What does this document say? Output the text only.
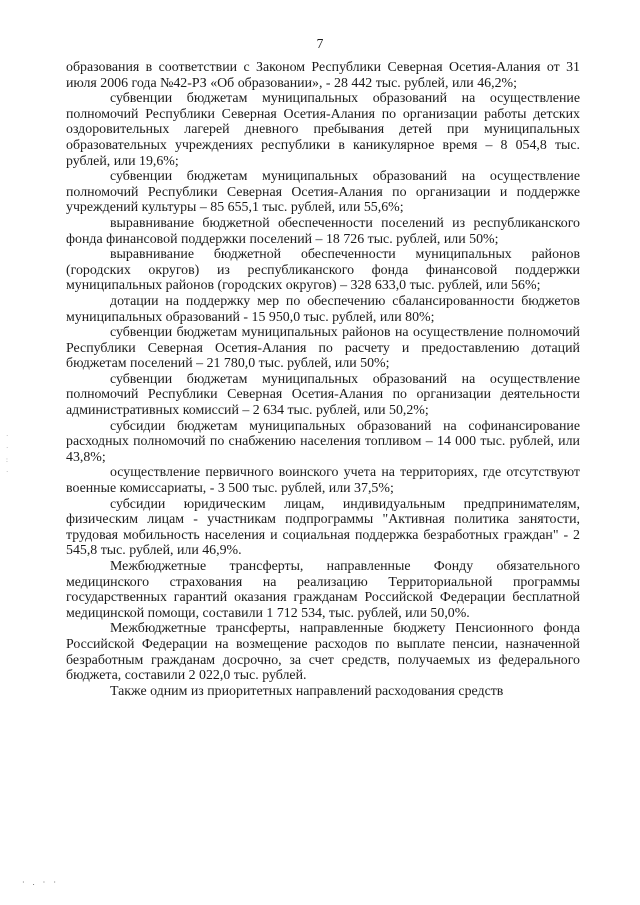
7

образования в соответствии с Законом Республики Северная Осетия-Алания от 31 июля 2006 года №42-РЗ «Об образовании», - 28 442 тыс. рублей, или 46,2%;

субвенции бюджетам муниципальных образований на осуществление полномочий Республики Северная Осетия-Алания по организации работы детских оздоровительных лагерей дневного пребывания детей при муниципальных образовательных учреждениях республики в каникулярное время – 8 054,8 тыс. рублей, или 19,6%;

субвенции бюджетам муниципальных образований на осуществление полномочий Республики Северная Осетия-Алания по организации и поддержке учреждений культуры – 85 655,1 тыс. рублей, или 55,6%;

выравнивание бюджетной обеспеченности поселений из республиканского фонда финансовой поддержки поселений – 18 726 тыс. рублей, или 50%;

выравнивание бюджетной обеспеченности муниципальных районов (городских округов) из республиканского фонда финансовой поддержки муниципальных районов (городских округов) – 328 633,0 тыс. рублей, или 56%;

дотации на поддержку мер по обеспечению сбалансированности бюджетов муниципальных образований - 15 950,0 тыс. рублей, или 80%;

субвенции бюджетам муниципальных районов на осуществление полномочий Республики Северная Осетия-Алания по расчету и предоставлению дотаций бюджетам поселений – 21 780,0 тыс. рублей, или 50%;

субвенции бюджетам муниципальных образований на осуществление полномочий Республики Северная Осетия-Алания по организации деятельности административных комиссий – 2 634 тыс. рублей, или 50,2%;

субсидии бюджетам муниципальных образований на софинансирование расходных полномочий по снабжению населения топливом – 14 000 тыс. рублей, или 43,8%;

осуществление первичного воинского учета на территориях, где отсутствуют военные комиссариаты, - 3 500 тыс. рублей, или 37,5%;

субсидии юридическим лицам, индивидуальным предпринимателям, физическим лицам - участникам подпрограммы "Активная политика занятости, трудовая мобильность населения и социальная поддержка безработных граждан" - 2 545,8 тыс. рублей, или 46,9%.

Межбюджетные трансферты, направленные Фонду обязательного медицинского страхования на реализацию Территориальной программы государственных гарантий оказания гражданам Российской Федерации бесплатной медицинской помощи, составили 1 712 534, тыс. рублей, или 50,0%.

Межбюджетные трансферты, направленные бюджету Пенсионного фонда Российской Федерации на возмещение расходов по выплате пенсии, назначенной безработным гражданам досрочно, за счет средств, получаемых из федерального бюджета, составили 2 022,0 тыс. рублей.

Также одним из приоритетных направлений расходования средств

·
·
:
·
· . · ·
